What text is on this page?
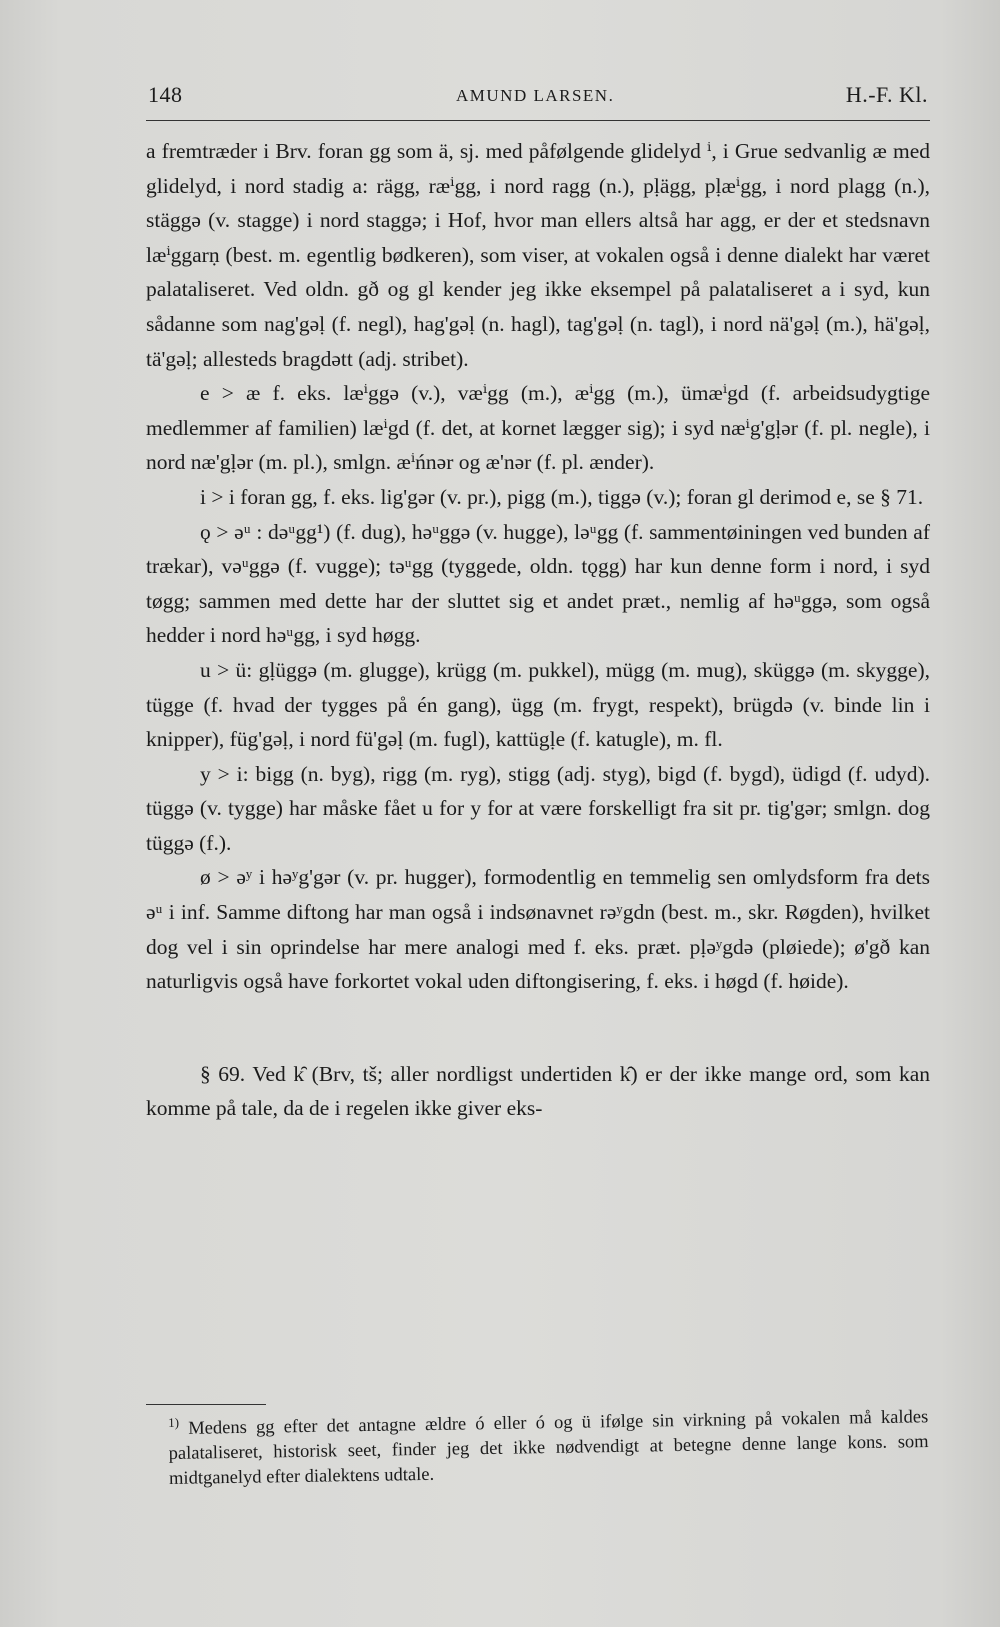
148	AMUND LARSEN.	H.-F. Kl.

a fremtræder i Brv. foran gg som ä, sj. med påfølgende glidelyd ⁱ, i Grue sedvanlig æ med glidelyd, i nord stadig a: rägg, ræⁱgg, i nord ragg (n.), pḷägg, pḷæⁱgg, i nord plagg (n.), stäggə (v. stagge) i nord staggə; i Hof, hvor man ellers altså har agg, er der et stedsnavn læⁱggarṇ (best. m. egentlig bødkeren), som viser, at vokalen også i denne dialekt har været palataliseret. Ved oldn. gð og gl kender jeg ikke eksempel på palataliseret a i syd, kun sådanne som nag'gəḷ (f. negl), hag'gəḷ (n. hagl), tag'gəḷ (n. tagl), i nord nä'gəḷ (m.), hä'gəḷ, tä'gəḷ; allesteds bragdətt (adj. stribet).

e > æ f. eks. læⁱggə (v.), væⁱgg (m.), æⁱgg (m.), ümæⁱgd (f. arbeidsudygtige medlemmer af familien) læⁱgd (f. det, at kornet lægger sig); i syd næⁱg'gḷər (f. pl. negle), i nord næ'gḷər (m. pl.), smlgn. æⁱńnər og æ'nər (f. pl. ænder).

i > i foran gg, f. eks. lig'gər (v. pr.), pigg (m.), tiggə (v.); foran gl derimod e, se § 71.

ǫ > əᵘ : dəᵘgg¹) (f. dug), həᵘggə (v. hugge), ləᵘgg (f. sammentøiningen ved bunden af trækar), vəᵘggə (f. vugge); təᵘgg (tyggede, oldn. tǫgg) har kun denne form i nord, i syd tøgg; sammen med dette har der sluttet sig et andet præt., nemlig af həᵘggə, som også hedder i nord həᵘgg, i syd høgg.

u > ü: gḷüggə (m. glugge), krügg (m. pukkel), mügg (m. mug), sküggə (m. skygge), tügge (f. hvad der tygges på én gang), ügg (m. frygt, respekt), brügdə (v. binde lin i knipper), füg'gəḷ, i nord fü'gəḷ (m. fugl), kattügḷe (f. katugle), m. fl.

y > i: bigg (n. byg), rigg (m. ryg), stigg (adj. styg), bigd (f. bygd), üdigd (f. udyd). tüggə (v. tygge) har måske fået u for y for at være forskelligt fra sit pr. tig'gər; smlgn. dog tüggə (f.).

ø > əʸ i həʸg'gər (v. pr. hugger), formodentlig en temmelig sen omlydsform fra dets əᵘ i inf. Samme diftong har man også i indsønavnet rəʸgdn (best. m., skr. Røgden), hvilket dog vel i sin oprindelse har mere analogi med f. eks. præt. pḷəʸgdə (pløiede); ø'gð kan naturligvis også have forkortet vokal uden diftongisering, f. eks. i høgd (f. høide).

§ 69. Ved k̑ (Brv, tš; aller nordligst undertiden k̑) er der ikke mange ord, som kan komme på tale, da de i regelen ikke giver eks-

$^{1)}$ Medens gg efter det antagne ældre ó eller ó og ü ifølge sin virkning på vokalen må kaldes palataliseret, historisk seet, finder jeg det ikke nødvendigt at betegne denne lange kons. som midtganelyd efter dialektens udtale.
